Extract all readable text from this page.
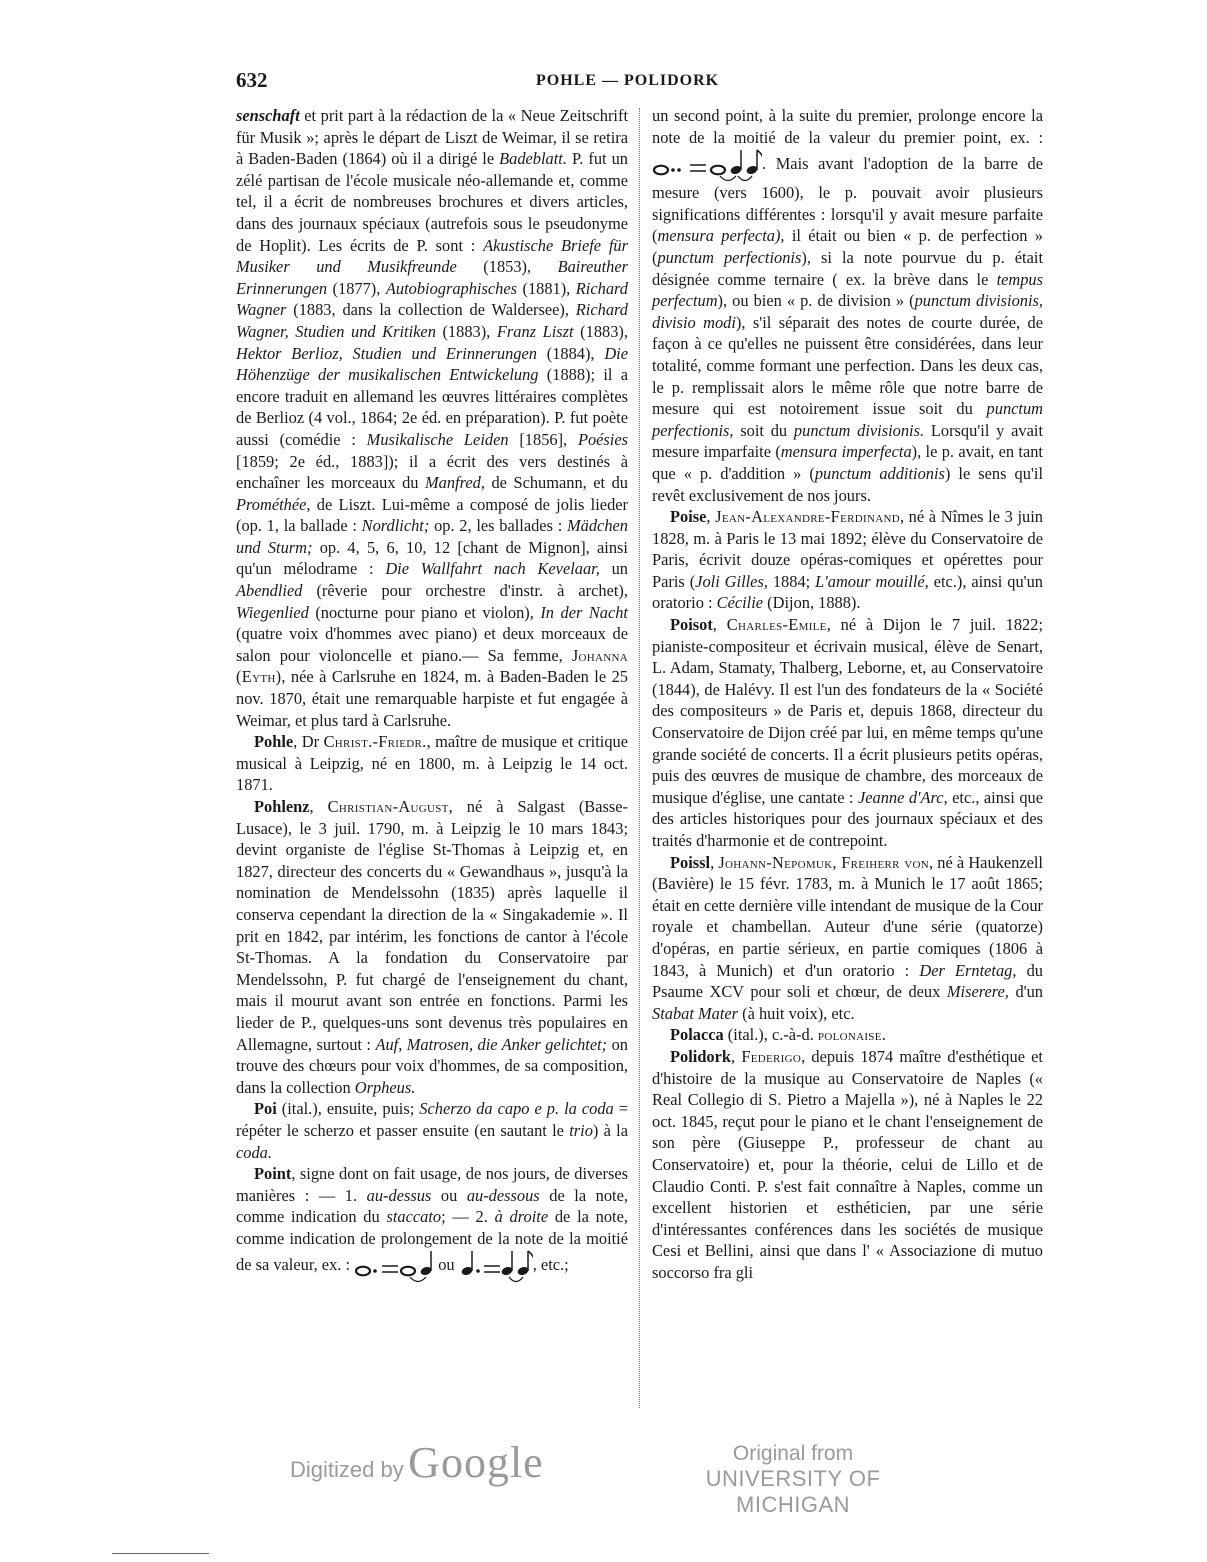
632	POHLE — POLIDORK

senschaft et prit part à la rédaction de la « Neue Zeitschrift für Musik »; après le départ de Liszt de Weimar, il se retira à Baden-Baden (1864) où il a dirigé le Badeblatt. P. fut un zélé partisan de l'école musicale néo-allemande et, comme tel, il a écrit de nombreuses brochures et divers articles, dans des journaux spéciaux (autrefois sous le pseudonyme de Hoplit). Les écrits de P. sont : Akustische Briefe für Musiker und Musikfreunde (1853), Baireuther Erinnerungen (1877), Autobiographisches (1881), Richard Wagner (1883, dans la collection de Waldersee), Richard Wagner, Studien und Kritiken (1883), Franz Liszt (1883), Hektor Berlioz, Studien und Erinnerungen (1884), Die Höhenzüge der musikalischen Entwickelung (1888); il a encore traduit en allemand les œuvres littéraires complètes de Berlioz (4 vol., 1864; 2e éd. en préparation). P. fut poète aussi (comédie : Musikalische Leiden [1856], Poésies [1859; 2e éd., 1883]); il a écrit des vers destinés à enchaîner les morceaux du Manfred, de Schumann, et du Prométhée, de Liszt. Lui-même a composé de jolis lieder (op. 1, la ballade : Nordlicht; op. 2, les ballades : Mädchen und Sturm; op. 4, 5, 6, 10, 12 [chant de Mignon], ainsi qu'un mélodrame : Die Wallfahrt nach Kevelaar, un Abendlied (rêverie pour orchestre d'instr. à archet), Wiegenlied (nocturne pour piano et violon), In der Nacht (quatre voix d'hommes avec piano) et deux morceaux de salon pour violoncelle et piano.— Sa femme, Johanna (Eyth), née à Carlsruhe en 1824, m. à Baden-Baden le 25 nov. 1870, était une remarquable harpiste et fut engagée à Weimar, et plus tard à Carlsruhe.

Pohle, Dr Christ.-Friedr., maître de musique et critique musical à Leipzig, né en 1800, m. à Leipzig le 14 oct. 1871.

Pohlenz, Christian-August, né à Salgast (Basse-Lusace), le 3 juil. 1790, m. à Leipzig le 10 mars 1843; devint organiste de l'église St-Thomas à Leipzig et, en 1827, directeur des concerts du « Gewandhaus », jusqu'à la nomination de Mendelssohn (1835) après laquelle il conserva cependant la direction de la « Singakademie ». Il prit en 1842, par intérim, les fonctions de cantor à l'école St-Thomas. A la fondation du Conservatoire par Mendelssohn, P. fut chargé de l'enseignement du chant, mais il mourut avant son entrée en fonctions. Parmi les lieder de P., quelques-uns sont devenus très populaires en Allemagne, surtout : Auf, Matrosen, die Anker gelichtet; on trouve des chœurs pour voix d'hommes, de sa composition, dans la collection Orpheus.

Poi (ital.), ensuite, puis; Scherzo da capo e p. la coda = répéter le scherzo et passer ensuite (en sautant le trio) à la coda.

Point, signe dont on fait usage, de nos jours, de diverses manières : — 1. au-dessus ou au-dessous de la note, comme indication du staccato; — 2. à droite de la note, comme indication de prolongement de la note de la moitié de sa valeur, ex. :	ou	, etc.;

un second point, à la suite du premier, prolonge encore la note de la moitié de la valeur du premier point, ex. :
. Mais avant l'adoption de la barre de mesure (vers 1600), le p. pouvait avoir plusieurs significations différentes : lorsqu'il y avait mesure parfaite (mensura perfecta), il était ou bien « p. de perfection » (punctum perfectionis), si la note pourvue du p. était désignée comme ternaire ( ex. la brève dans le tempus perfectum), ou bien « p. de division » (punctum divisionis, divisio modi), s'il séparait des notes de courte durée, de façon à ce qu'elles ne puissent être considérées, dans leur totalité, comme formant une perfection. Dans les deux cas, le p. remplissait alors le même rôle que notre barre de mesure qui est notoirement issue soit du punctum perfectionis, soit du punctum divisionis. Lorsqu'il y avait mesure imparfaite (mensura imperfecta), le p. avait, en tant que « p. d'addition » (punctum additionis) le sens qu'il revêt exclusivement de nos jours.

Poise, Jean-Alexandre-Ferdinand, né à Nîmes le 3 juin 1828, m. à Paris le 13 mai 1892; élève du Conservatoire de Paris, écrivit douze opéras-comiques et opérettes pour Paris (Joli Gilles, 1884; L'amour mouillé, etc.), ainsi qu'un oratorio : Cécilie (Dijon, 1888).

Poisot, Charles-Emile, né à Dijon le 7 juil. 1822; pianiste-compositeur et écrivain musical, élève de Senart, L. Adam, Stamaty, Thalberg, Leborne, et, au Conservatoire (1844), de Halévy. Il est l'un des fondateurs de la « Société des compositeurs » de Paris et, depuis 1868, directeur du Conservatoire de Dijon créé par lui, en même temps qu'une grande société de concerts. Il a écrit plusieurs petits opéras, puis des œuvres de musique de chambre, des morceaux de musique d'église, une cantate : Jeanne d'Arc, etc., ainsi que des articles historiques pour des journaux spéciaux et des traités d'harmonie et de contrepoint.

Poissl, Johann-Nepomuk, Freiherr von, né à Haukenzell (Bavière) le 15 févr. 1783, m. à Munich le 17 août 1865; était en cette dernière ville intendant de musique de la Cour royale et chambellan. Auteur d'une série (quatorze) d'opéras, en partie sérieux, en partie comiques (1806 à 1843, à Munich) et d'un oratorio : Der Erntetag, du Psaume XCV pour soli et chœur, de deux Miserere, d'un Stabat Mater (à huit voix), etc.

Polacca (ital.), c.-à-d. polonaise.

Polidork, Federigo, depuis 1874 maître d'esthétique et d'histoire de la musique au Conservatoire de Naples (« Real Collegio di S. Pietro a Majella »), né à Naples le 22 oct. 1845, reçut pour le piano et le chant l'enseignement de son père (Giuseppe P., professeur de chant au Conservatoire) et, pour la théorie, celui de Lillo et de Claudio Conti. P. s'est fait connaître à Naples, comme un excellent historien et esthéticien, par une série d'intéressantes conférences dans les sociétés de musique Cesi et Bellini, ainsi que dans l' « Associazione di mutuo soccorso fra gli

Digitized by Google	Original from
UNIVERSITY OF MICHIGAN
